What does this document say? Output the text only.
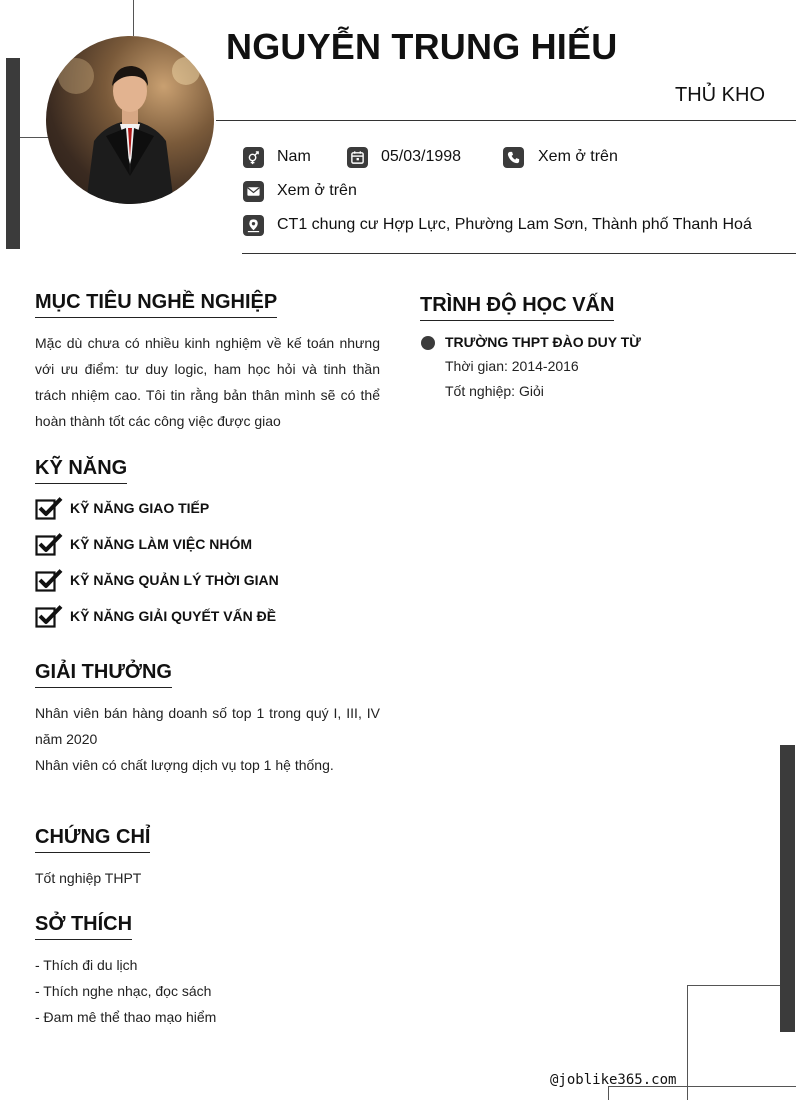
NGUYỄN TRUNG HIẾU
THỦ KHO
Nam	05/03/1998	Xem ở trên
Xem ở trên
CT1 chung cư Hợp Lực, Phường Lam Sơn, Thành phố Thanh Hoá
MỤC TIÊU NGHỀ NGHIỆP
Mặc dù chưa có nhiều kinh nghiệm về kế toán nhưng với ưu điểm: tư duy logic, ham học hỏi và tinh thần trách nhiệm cao. Tôi tin rằng bản thân mình sẽ có thể hoàn thành tốt các công việc được giao
KỸ NĂNG
KỸ NĂNG GIAO TIẾP
KỸ NĂNG LÀM VIỆC NHÓM
KỸ NĂNG QUẢN LÝ THỜI GIAN
KỸ NĂNG GIẢI QUYẾT VẤN ĐỀ
GIẢI THƯỞNG
Nhân viên bán hàng doanh số top 1 trong quý I, III, IV năm 2020
Nhân viên có chất lượng dịch vụ top 1 hệ thống.
CHỨNG CHỈ
Tốt nghiệp THPT
SỞ THÍCH
- Thích đi du lịch
- Thích nghe nhạc, đọc sách
- Đam mê thể thao mạo hiểm
TRÌNH ĐỘ HỌC VẤN
TRƯỜNG THPT ĐÀO DUY TỪ
Thời gian: 2014-2016
Tốt nghiệp: Giỏi
@joblike365.com
